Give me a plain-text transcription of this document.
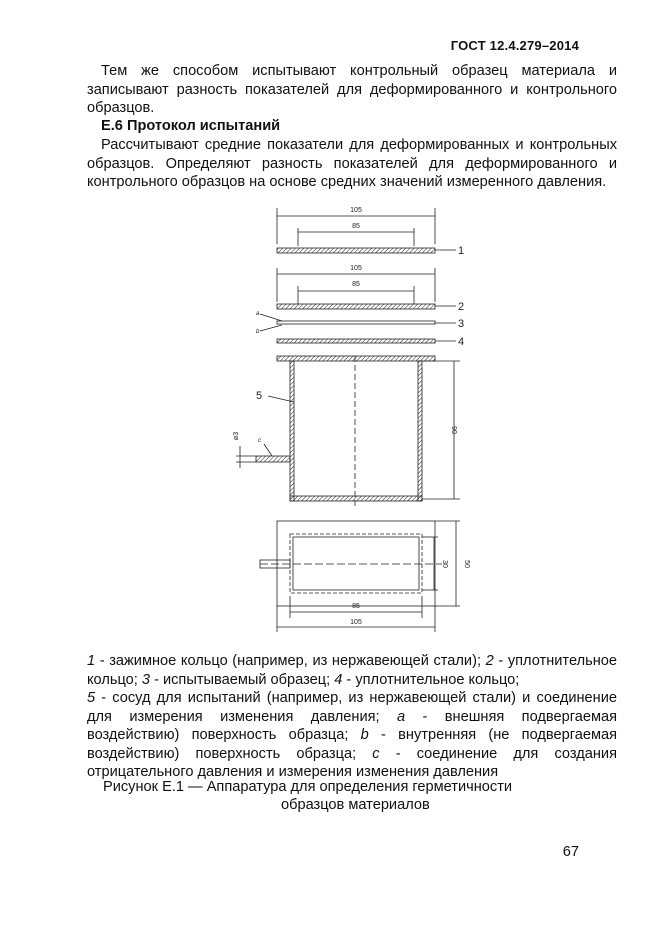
ГОСТ 12.4.279–2014

Тем же способом испытывают контрольный образец материала и записывают разность показателей для деформированного и контрольного образцов.

Е.6 Протокол испытаний

Рассчитывают средние показатели для деформированных и контрольных образцов. Определяют разность показателей для деформированного и контрольного образцов на основе средних значений измеренного давления.

105
85
105
85
90
ø3
30 50
85
105
1
2
3
4
5
a
b
c

1 - зажимное кольцо (например, из нержавеющей стали); 2 - уплотнительное кольцо; 3 - испытываемый образец; 4 - уплотнительное кольцо;
5 - сосуд для испытаний (например, из нержавеющей стали) и соединение для измерения изменения давления; a - внешняя подвергаемая воздействию) поверхность образца; b - внутренняя (не подвергаемая воздействию) поверхность образца; c - соединение для создания отрицательного давления и измерения изменения давления

Рисунок Е.1 — Аппаратура для определения герметичности
образцов материалов
67
